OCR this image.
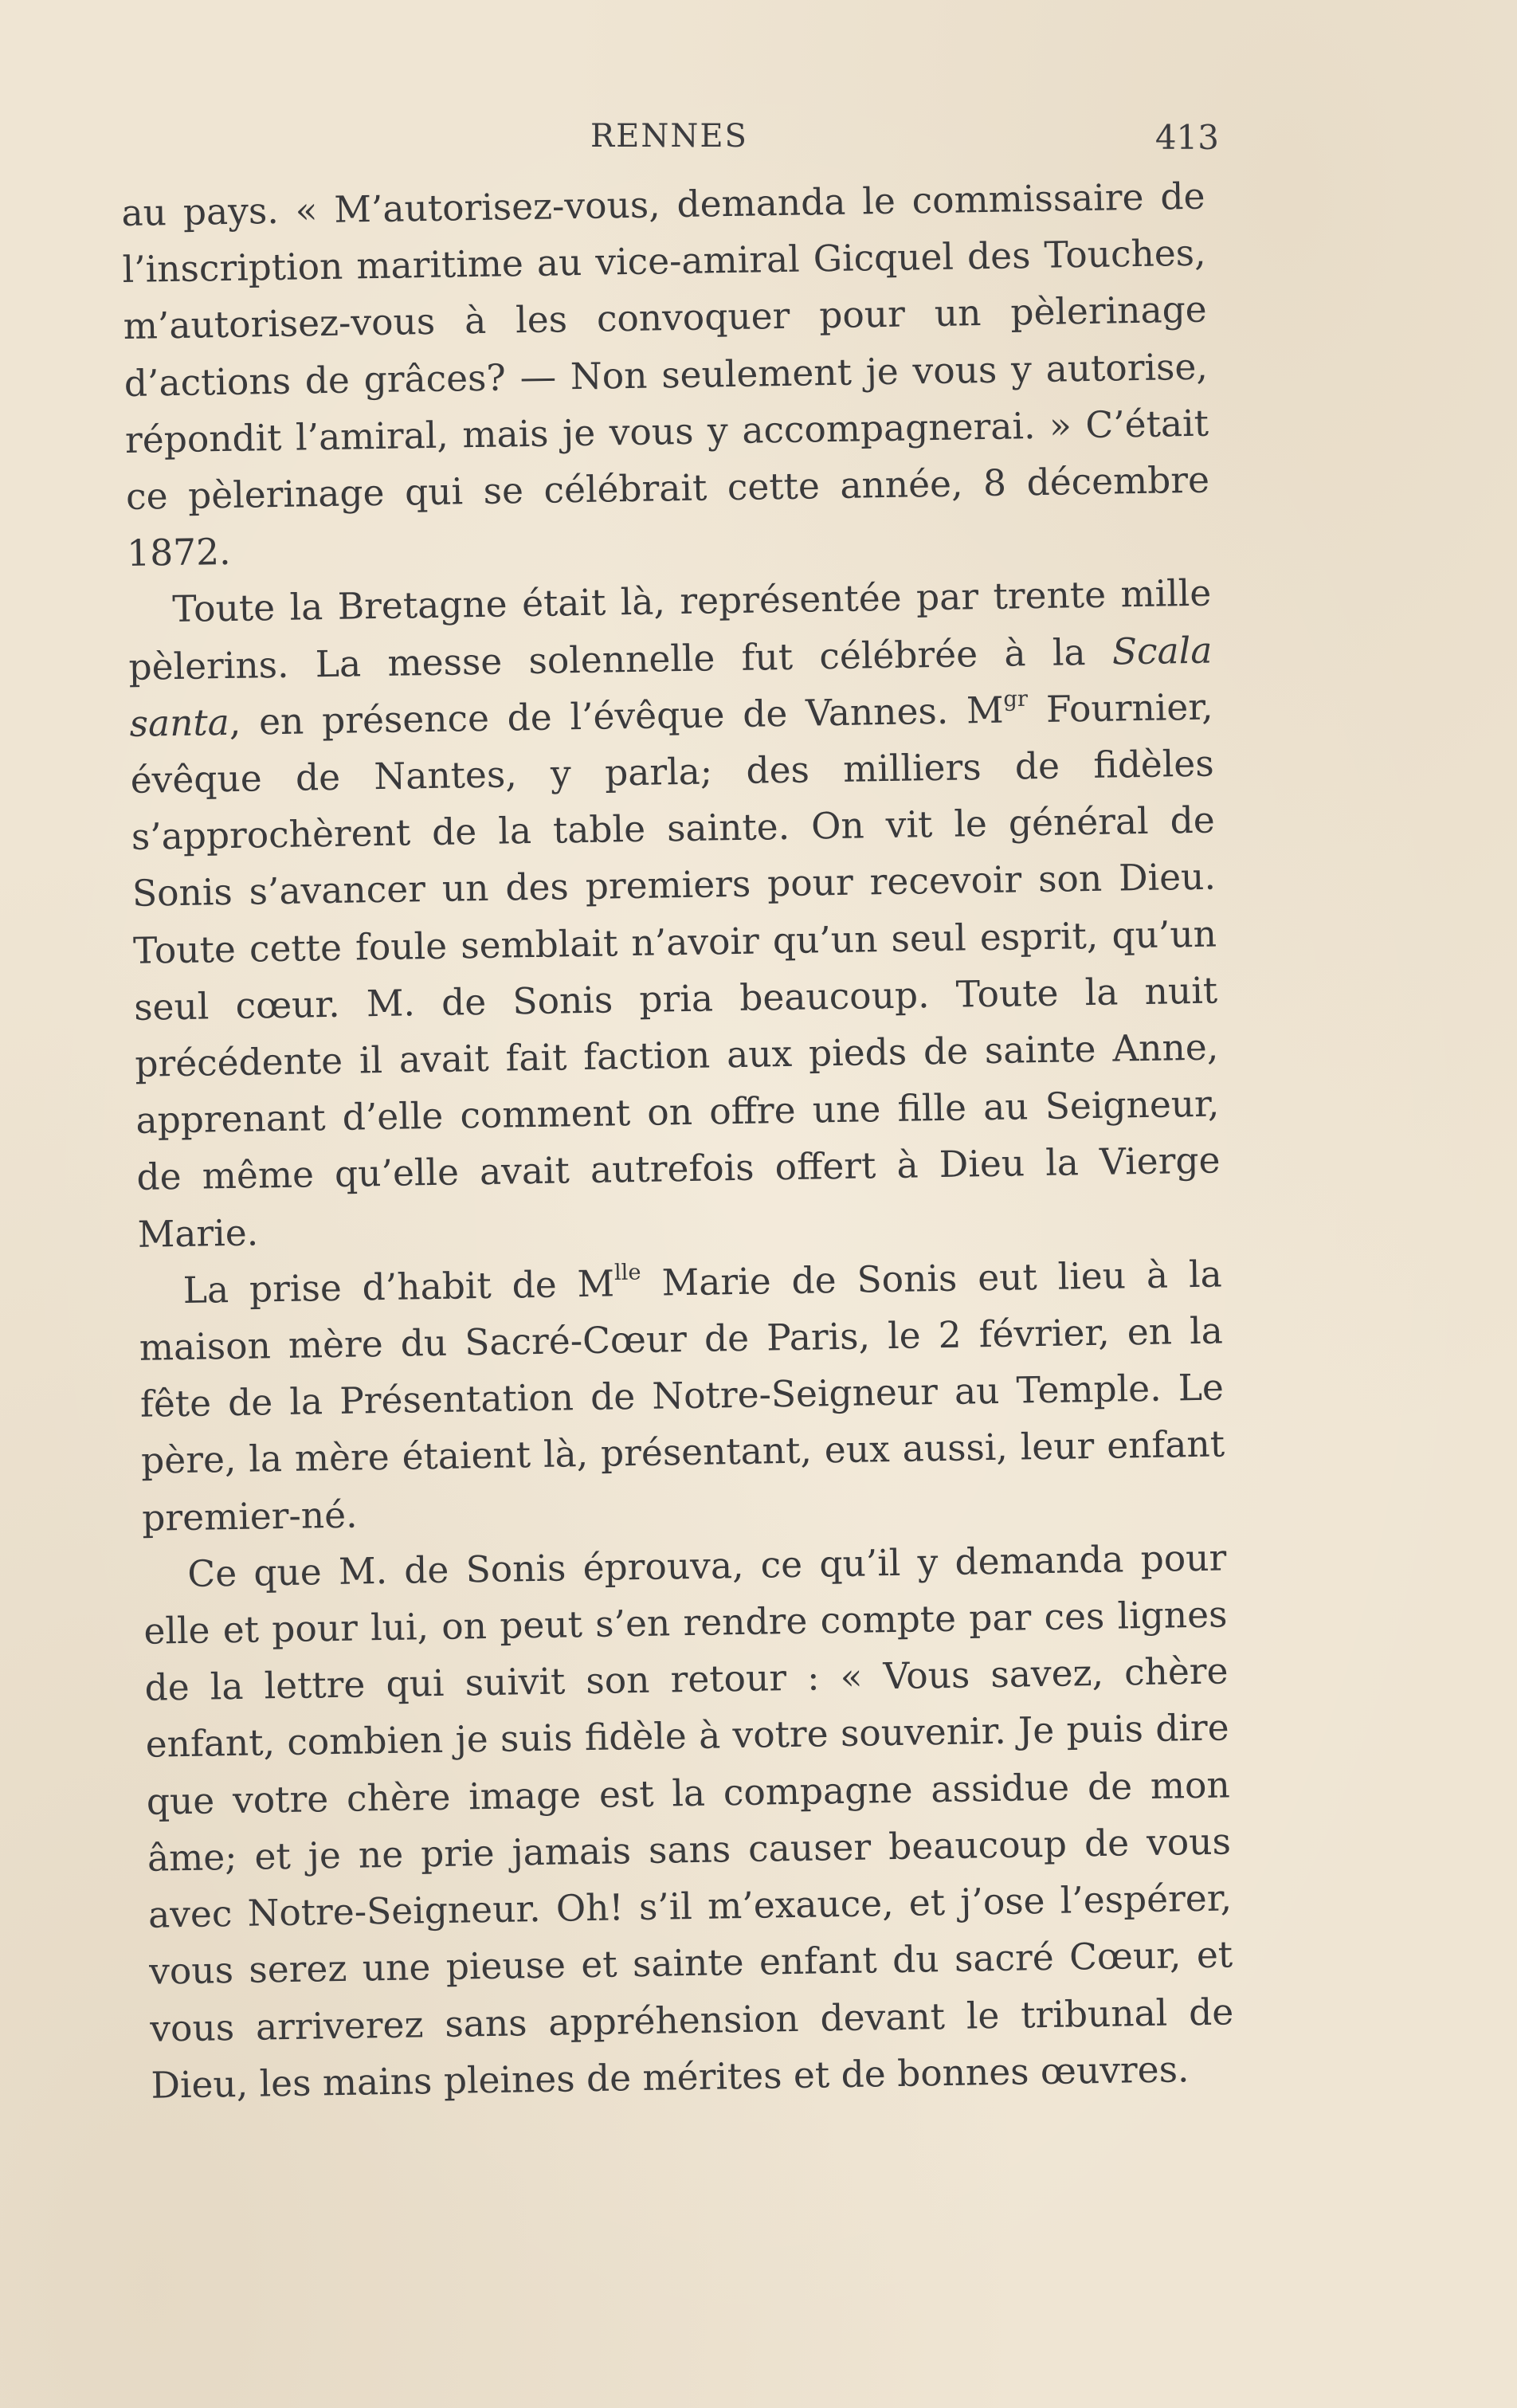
RENNES	413

au pays. « M’autorisez-vous, demanda le commissaire de l’inscription maritime au vice-amiral Gicquel des Touches, m’autorisez-vous à les convoquer pour un pèlerinage d’actions de grâces? — Non seulement je vous y autorise, répondit l’amiral, mais je vous y accompagnerai. » C’était ce pèlerinage qui se célébrait cette année, 8 décembre 1872.

Toute la Bretagne était là, représentée par trente mille pèlerins. La messe solennelle fut célébrée à la Scala santa, en présence de l’évêque de Vannes. $M^{gr}$ Fournier, évêque de Nantes, y parla; des milliers de fidèles s’approchèrent de la table sainte. On vit le général de Sonis s’avancer un des premiers pour recevoir son Dieu. Toute cette foule semblait n’avoir qu’un seul esprit, qu’un seul cœur. M. de Sonis pria beaucoup. Toute la nuit précédente il avait fait faction aux pieds de sainte Anne, apprenant d’elle comment on offre une fille au Seigneur, de même qu’elle avait autrefois offert à Dieu la Vierge Marie.

La prise d’habit de $M^{lle}$ Marie de Sonis eut lieu à la maison mère du Sacré-Cœur de Paris, le 2 février, en la fête de la Présentation de Notre-Seigneur au Temple. Le père, la mère étaient là, présentant, eux aussi, leur enfant premier-né.

Ce que M. de Sonis éprouva, ce qu’il y demanda pour elle et pour lui, on peut s’en rendre compte par ces lignes de la lettre qui suivit son retour : « Vous savez, chère enfant, combien je suis fidèle à votre souvenir. Je puis dire que votre chère image est la compagne assidue de mon âme; et je ne prie jamais sans causer beaucoup de vous avec Notre-Seigneur. Oh! s’il m’exauce, et j’ose l’espérer, vous serez une pieuse et sainte enfant du sacré Cœur, et vous arriverez sans appréhension devant le tribunal de Dieu, les mains pleines de mérites et de bonnes œuvres.
